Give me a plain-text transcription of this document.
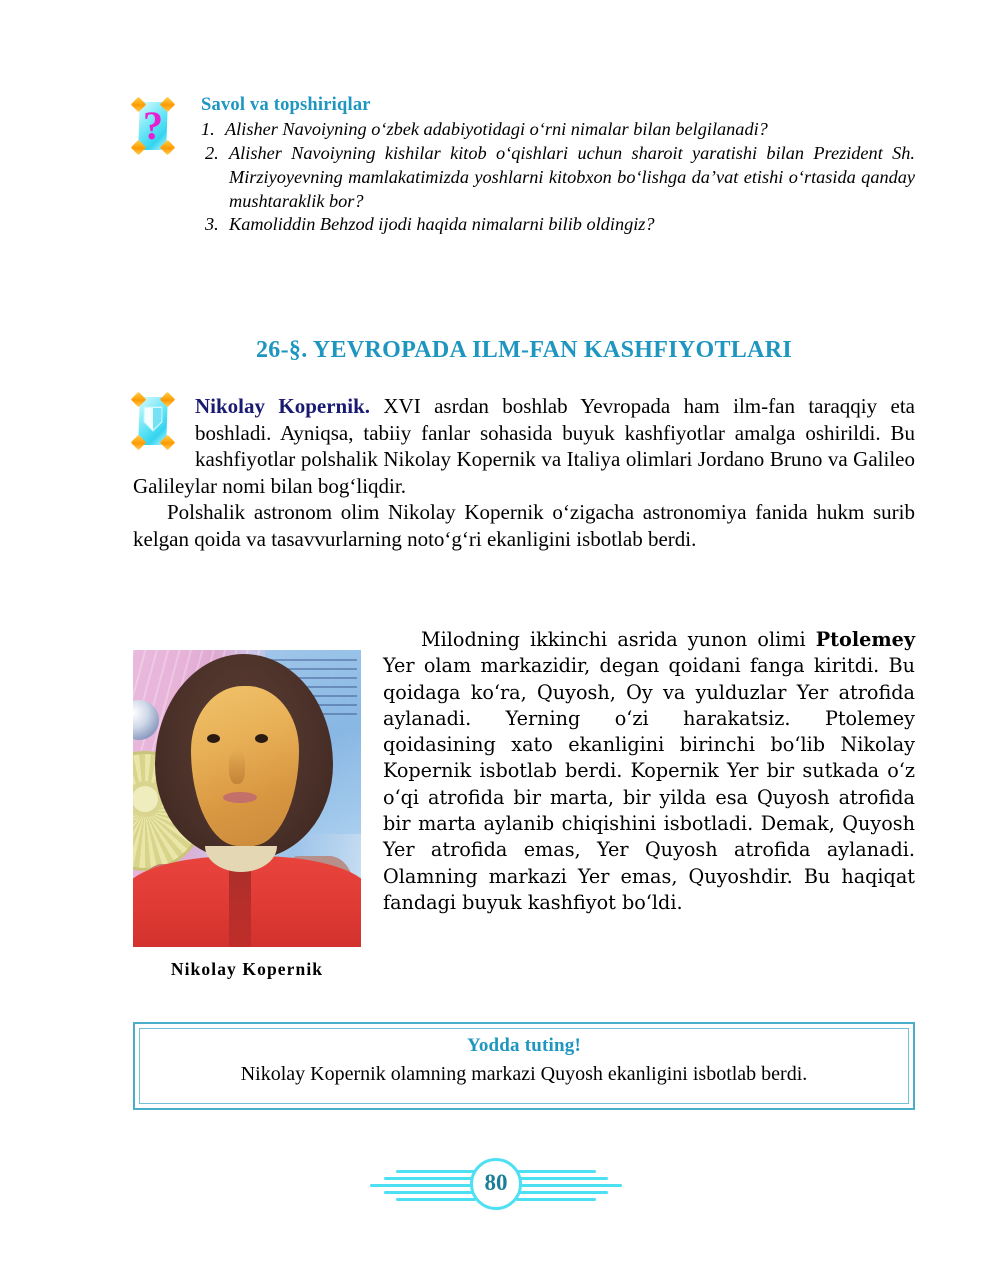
?	Savol va topshiriqlar
1. Alisher Navoiyning o‘zbek adabiyotidagi o‘rni nimalar bilan belgilanadi?
2. Alisher Navoiyning kishilar kitob o‘qishlari uchun sharoit yaratishi bilan Prezident Sh. Mirziyoyevning mamlakatimizda yoshlarni kitobxon bo‘lishga da’vat etishi o‘rtasida qanday mushtaraklik bor?
3. Kamoliddin Behzod ijodi haqida nimalarni bilib oldingiz?
26-§. YEVROPADA ILM-FAN KASHFIYOTLARI

Nikolay Kopernik. XVI asrdan boshlab Yevropada ham ilm-fan taraqqiy eta boshladi. Ayniqsa, tabiiy fanlar sohasida buyuk kashfiyotlar amalga oshirildi. Bu kashfiyotlar polshalik Nikolay Kopernik va Italiya olimlari Jordano Bruno va Galileo Galileylar nomi bilan bog‘liqdir.

Polshalik astronom olim Nikolay Kopernik o‘zigacha astronomiya fanida hukm surib kelgan qoida va tasavvurlarning noto‘g‘ri ekanligini isbotlab berdi.

Nikolay Kopernik

Milodning ikkinchi asrida yunon olimi Ptolemey Yer olam markazidir, degan qoidani fanga kiritdi. Bu qoidaga ko‘ra, Quyosh, Oy va yulduzlar Yer atrofida aylanadi. Yerning o‘zi harakatsiz. Ptolemey qoidasining xato ekanligini birinchi bo‘lib Nikolay Kopernik isbotlab berdi. Kopernik Yer bir sutkada o‘z o‘qi atrofida bir marta, bir yilda esa Quyosh atrofida bir marta aylanib chiqishini isbotladi. Demak, Quyosh Yer atrofida emas, Yer Quyosh atrofida aylanadi. Olamning markazi Yer emas, Quyoshdir. Bu haqiqat fandagi buyuk kashfiyot bo‘ldi.

Yodda tuting!
Nikolay Kopernik olamning markazi Quyosh ekanligini isbotlab berdi.
80
